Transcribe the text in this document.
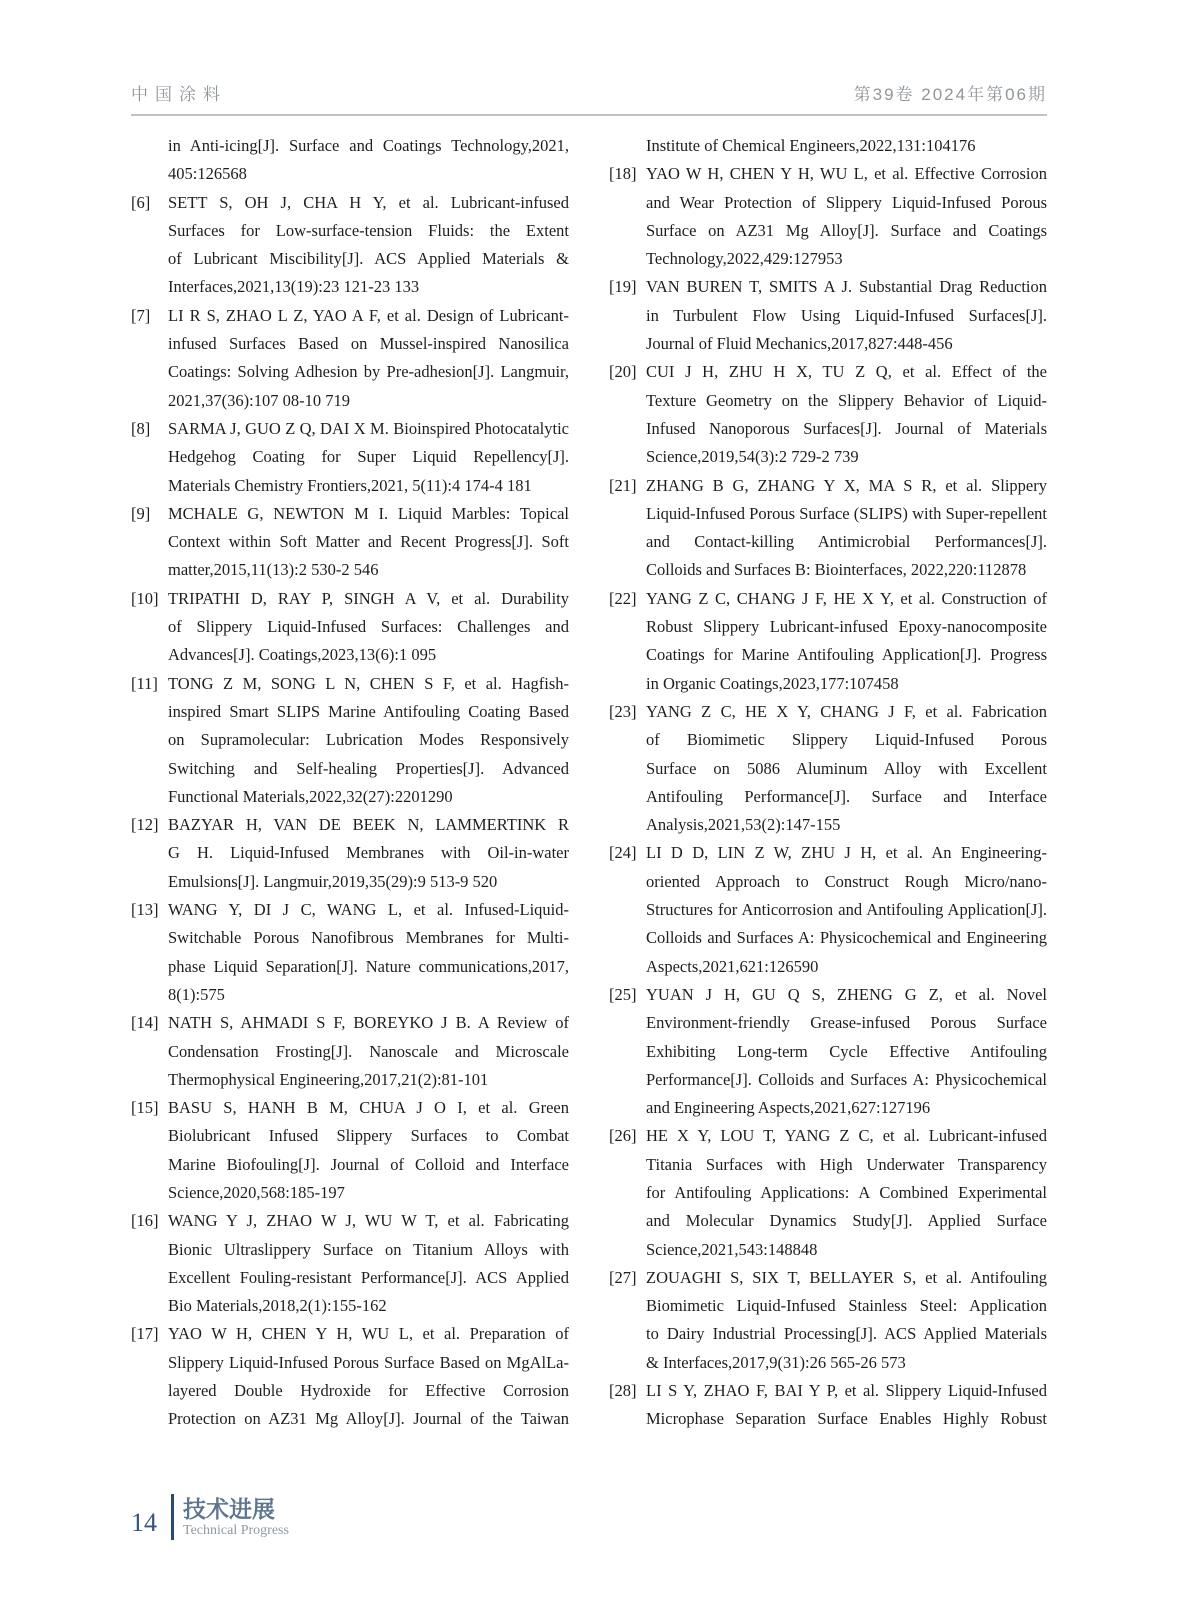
中国涂料	第39卷 2024年第06期
in Anti-icing[J]. Surface and Coatings Technology,2021,
405:126568
[6] SETT S, OH J, CHA H Y, et al. Lubricant-infused
Surfaces for Low-surface-tension Fluids: the Extent
of Lubricant Miscibility[J]. ACS Applied Materials &
Interfaces,2021,13(19):23 121-23 133
[7] LI R S, ZHAO L Z, YAO A F, et al. Design of Lubricant-
infused Surfaces Based on Mussel-inspired Nanosilica
Coatings: Solving Adhesion by Pre-adhesion[J]. Langmuir,
2021,37(36):107 08-10 719
[8] SARMA J, GUO Z Q, DAI X M. Bioinspired Photocatalytic
Hedgehog Coating for Super Liquid Repellency[J].
Materials Chemistry Frontiers,2021, 5(11):4 174-4 181
[9] MCHALE G, NEWTON M I. Liquid Marbles: Topical
Context within Soft Matter and Recent Progress[J]. Soft
matter,2015,11(13):2 530-2 546
[10] TRIPATHI D, RAY P, SINGH A V, et al. Durability
of Slippery Liquid-Infused Surfaces: Challenges and
Advances[J]. Coatings,2023,13(6):1 095
[11] TONG Z M, SONG L N, CHEN S F, et al. Hagfish-
inspired Smart SLIPS Marine Antifouling Coating Based
on Supramolecular: Lubrication Modes Responsively
Switching and Self-healing Properties[J]. Advanced
Functional Materials,2022,32(27):2201290
[12] BAZYAR H, VAN DE BEEK N, LAMMERTINK R
G H. Liquid-Infused Membranes with Oil-in-water
Emulsions[J]. Langmuir,2019,35(29):9 513-9 520
[13] WANG Y, DI J C, WANG L, et al. Infused-Liquid-
Switchable Porous Nanofibrous Membranes for Multi-
phase Liquid Separation[J]. Nature communications,2017,
8(1):575
[14] NATH S, AHMADI S F, BOREYKO J B. A Review of
Condensation Frosting[J]. Nanoscale and Microscale
Thermophysical Engineering,2017,21(2):81-101
[15] BASU S, HANH B M, CHUA J O I, et al. Green
Biolubricant Infused Slippery Surfaces to Combat
Marine Biofouling[J]. Journal of Colloid and Interface
Science,2020,568:185-197
[16] WANG Y J, ZHAO W J, WU W T, et al. Fabricating
Bionic Ultraslippery Surface on Titanium Alloys with
Excellent Fouling-resistant Performance[J]. ACS Applied
Bio Materials,2018,2(1):155-162
[17] YAO W H, CHEN Y H, WU L, et al. Preparation of
Slippery Liquid-Infused Porous Surface Based on MgAlLa-
layered Double Hydroxide for Effective Corrosion
Protection on AZ31 Mg Alloy[J]. Journal of the Taiwan
Institute of Chemical Engineers,2022,131:104176
[18] YAO W H, CHEN Y H, WU L, et al. Effective Corrosion
and Wear Protection of Slippery Liquid-Infused Porous
Surface on AZ31 Mg Alloy[J]. Surface and Coatings
Technology,2022,429:127953
[19] VAN BUREN T, SMITS A J. Substantial Drag Reduction
in Turbulent Flow Using Liquid-Infused Surfaces[J].
Journal of Fluid Mechanics,2017,827:448-456
[20] CUI J H, ZHU H X, TU Z Q, et al. Effect of the
Texture Geometry on the Slippery Behavior of Liquid-
Infused Nanoporous Surfaces[J]. Journal of Materials
Science,2019,54(3):2 729-2 739
[21] ZHANG B G, ZHANG Y X, MA S R, et al. Slippery
Liquid-Infused Porous Surface (SLIPS) with Super-repellent
and Contact-killing Antimicrobial Performances[J].
Colloids and Surfaces B: Biointerfaces, 2022,220:112878
[22] YANG Z C, CHANG J F, HE X Y, et al. Construction of
Robust Slippery Lubricant-infused Epoxy-nanocomposite
Coatings for Marine Antifouling Application[J]. Progress
in Organic Coatings,2023,177:107458
[23] YANG Z C, HE X Y, CHANG J F, et al. Fabrication
of Biomimetic Slippery Liquid-Infused Porous
Surface on 5086 Aluminum Alloy with Excellent
Antifouling Performance[J]. Surface and Interface
Analysis,2021,53(2):147-155
[24] LI D D, LIN Z W, ZHU J H, et al. An Engineering-
oriented Approach to Construct Rough Micro/nano-
Structures for Anticorrosion and Antifouling Application[J].
Colloids and Surfaces A: Physicochemical and Engineering
Aspects,2021,621:126590
[25] YUAN J H, GU Q S, ZHENG G Z, et al. Novel
Environment-friendly Grease-infused Porous Surface
Exhibiting Long-term Cycle Effective Antifouling
Performance[J]. Colloids and Surfaces A: Physicochemical
and Engineering Aspects,2021,627:127196
[26] HE X Y, LOU T, YANG Z C, et al. Lubricant-infused
Titania Surfaces with High Underwater Transparency
for Antifouling Applications: A Combined Experimental
and Molecular Dynamics Study[J]. Applied Surface
Science,2021,543:148848
[27] ZOUAGHI S, SIX T, BELLAYER S, et al. Antifouling
Biomimetic Liquid-Infused Stainless Steel: Application
to Dairy Industrial Processing[J]. ACS Applied Materials
& Interfaces,2017,9(31):26 565-26 573
[28] LI S Y, ZHAO F, BAI Y P, et al. Slippery Liquid-Infused
Microphase Separation Surface Enables Highly Robust
14 技术进展
Technical Progress
